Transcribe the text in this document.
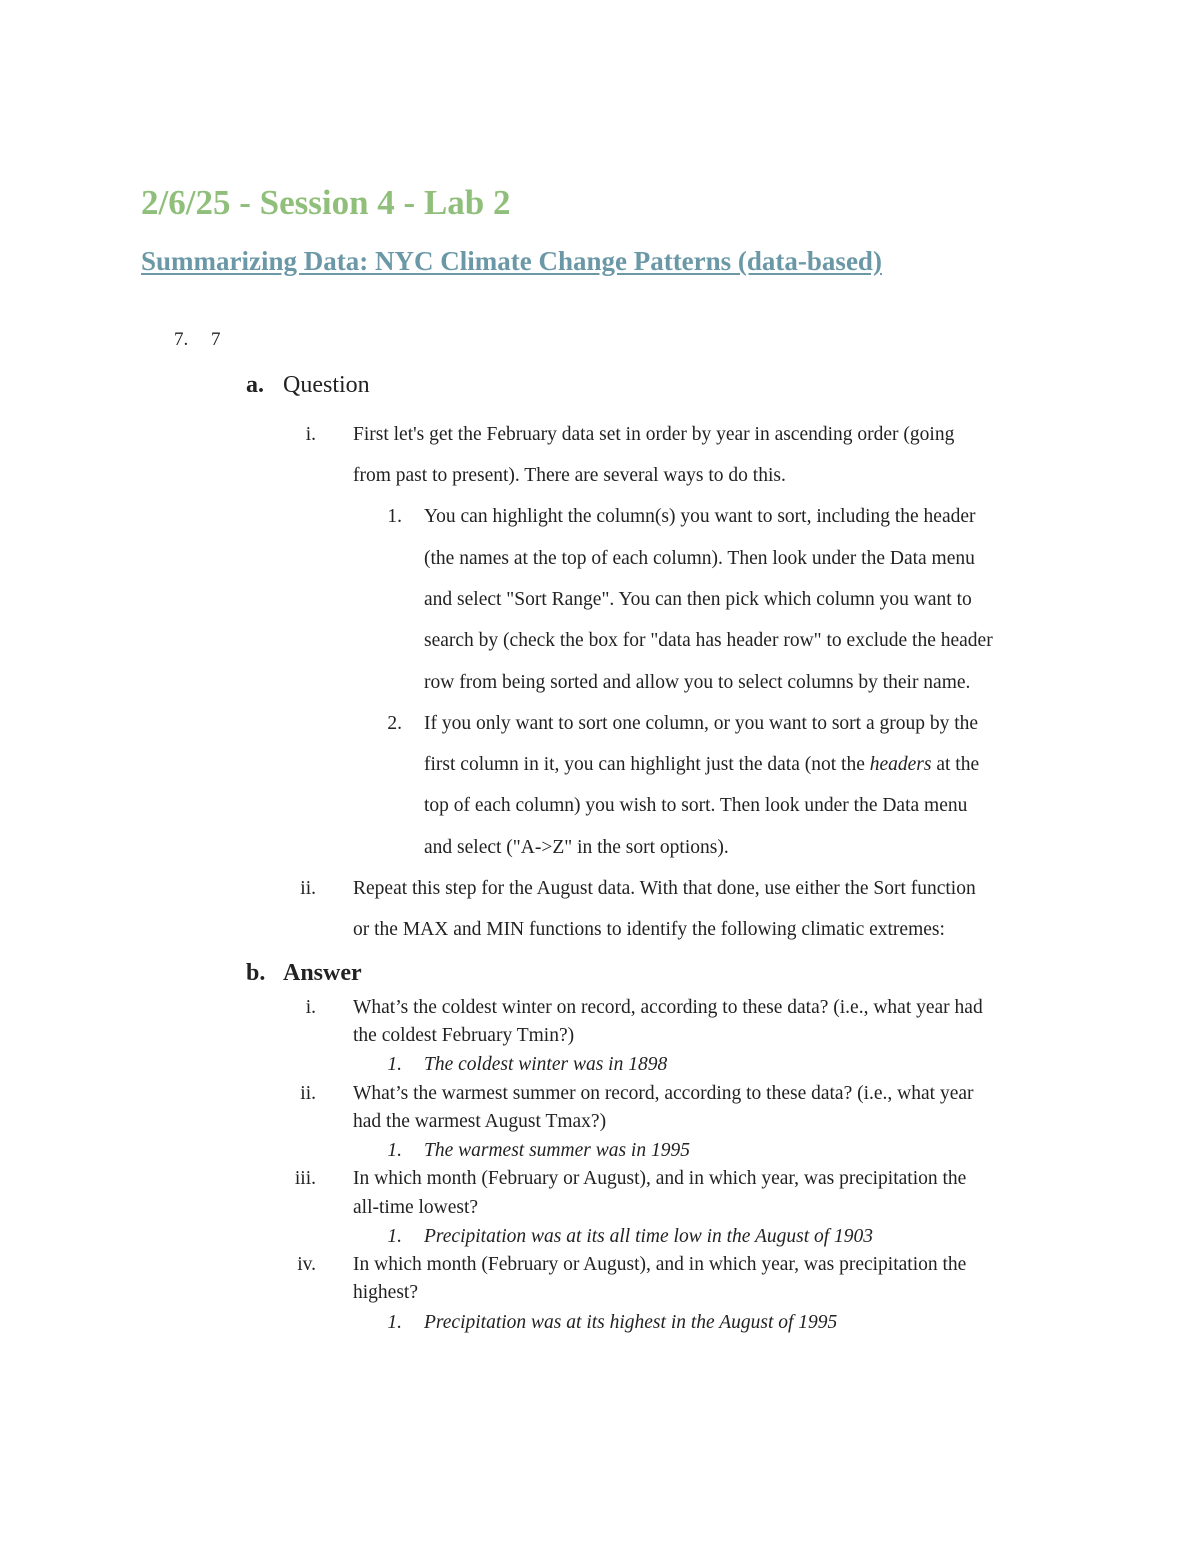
2/6/25 - Session 4 - Lab 2
Summarizing Data: NYC Climate Change Patterns (data-based)
7. 7
a. Question
i. First let's get the February data set in order by year in ascending order (going
from past to present). There are several ways to do this.
1. You can highlight the column(s) you want to sort, including the header
(the names at the top of each column). Then look under the Data menu
and select "Sort Range". You can then pick which column you want to
search by (check the box for "data has header row" to exclude the header
row from being sorted and allow you to select columns by their name.
2. If you only want to sort one column, or you want to sort a group by the
first column in it, you can highlight just the data (not the headers at the
top of each column) you wish to sort. Then look under the Data menu
and select ("A->Z" in the sort options).
ii. Repeat this step for the August data. With that done, use either the Sort function
or the MAX and MIN functions to identify the following climatic extremes:
b. Answer
i. What’s the coldest winter on record, according to these data? (i.e., what year had
the coldest February Tmin?)
1. The coldest winter was in 1898
ii. What’s the warmest summer on record, according to these data? (i.e., what year
had the warmest August Tmax?)
1. The warmest summer was in 1995
iii. In which month (February or August), and in which year, was precipitation the
all-time lowest?
1. Precipitation was at its all time low in the August of 1903
iv. In which month (February or August), and in which year, was precipitation the
highest?
1. Precipitation was at its highest in the August of 1995
